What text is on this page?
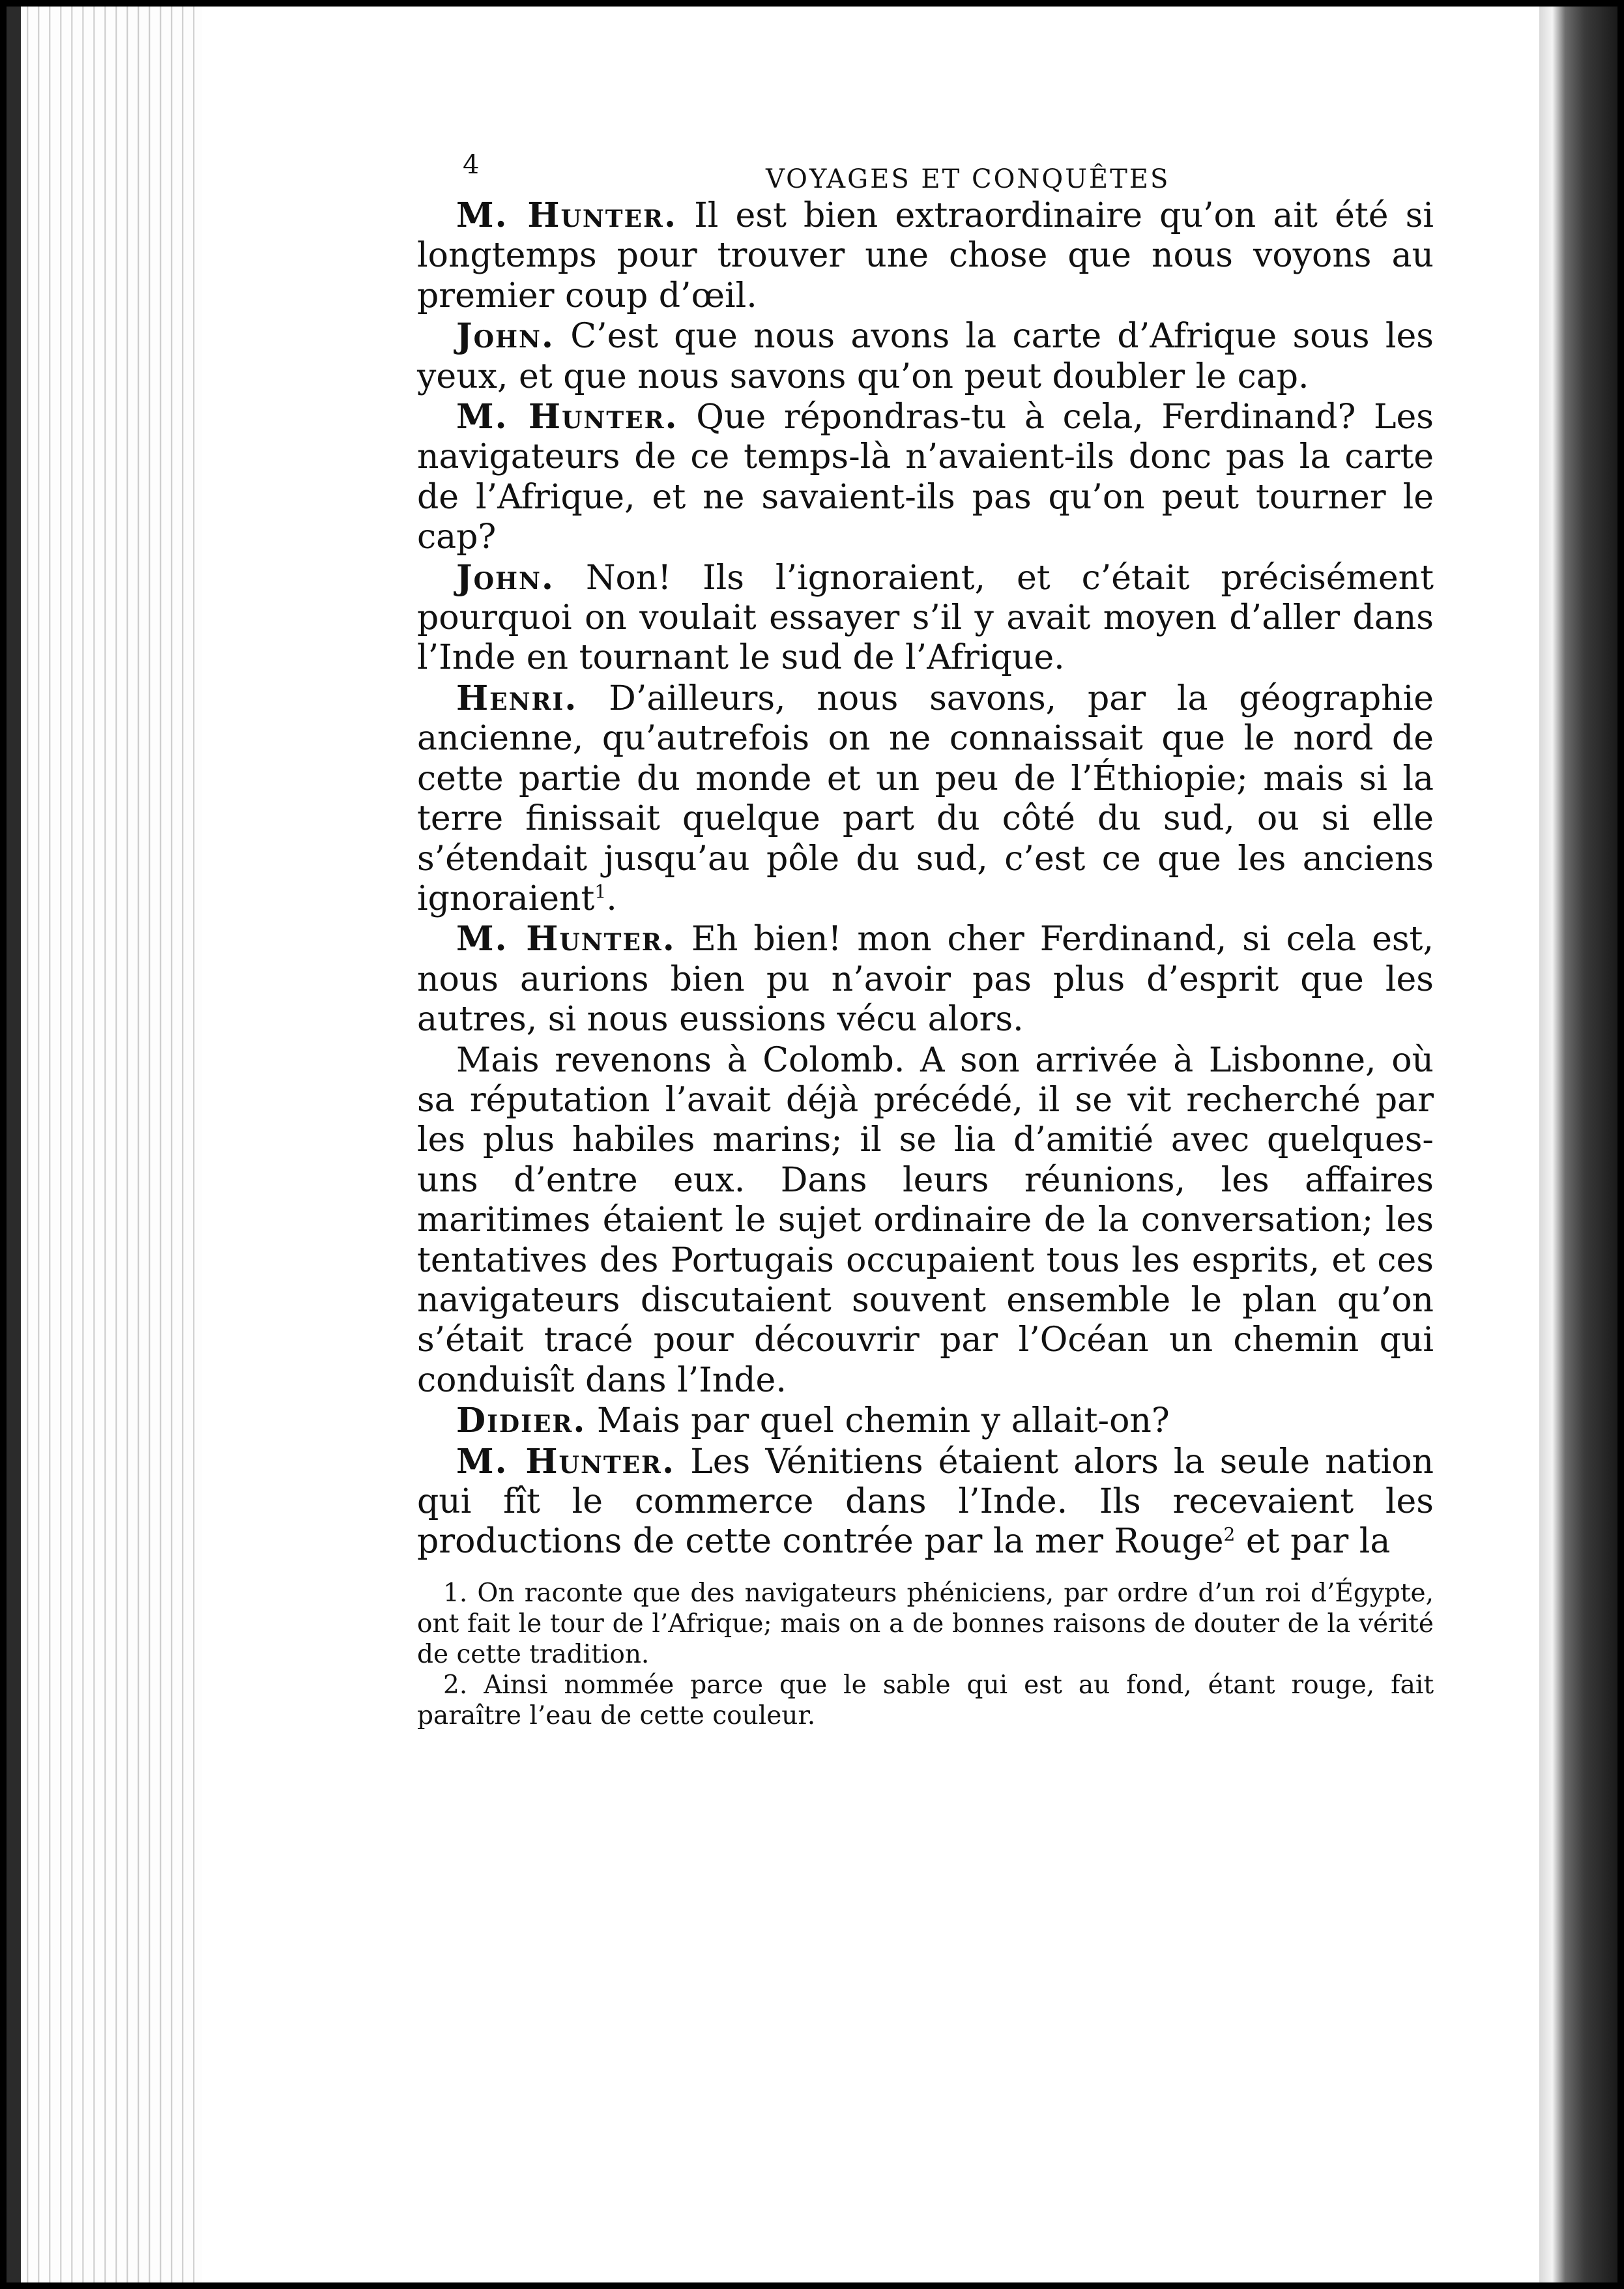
4	VOYAGES ET CONQUÊTES

M. Hunter. Il est bien extraordinaire qu’on ait été si longtemps pour trouver une chose que nous voyons au premier coup d’œil.

John. C’est que nous avons la carte d’Afrique sous les yeux, et que nous savons qu’on peut doubler le cap.

M. Hunter. Que répondras-tu à cela, Ferdinand? Les navigateurs de ce temps-là n’avaient-ils donc pas la carte de l’Afrique, et ne savaient-ils pas qu’on peut tourner le cap?

John. Non! Ils l’ignoraient, et c’était précisément pourquoi on voulait essayer s’il y avait moyen d’aller dans l’Inde en tournant le sud de l’Afrique.

Henri. D’ailleurs, nous savons, par la géographie ancienne, qu’autrefois on ne connaissait que le nord de cette partie du monde et un peu de l’Éthiopie; mais si la terre finissait quelque part du côté du sud, ou si elle s’étendait jusqu’au pôle du sud, c’est ce que les anciens ignoraient$^1$.

M. Hunter. Eh bien! mon cher Ferdinand, si cela est, nous aurions bien pu n’avoir pas plus d’esprit que les autres, si nous eussions vécu alors.

Mais revenons à Colomb. A son arrivée à Lisbonne, où sa réputation l’avait déjà précédé, il se vit recherché par les plus habiles marins; il se lia d’amitié avec quelques-uns d’entre eux. Dans leurs réunions, les affaires maritimes étaient le sujet ordinaire de la conversation; les tentatives des Portugais occupaient tous les esprits, et ces navigateurs discutaient souvent ensemble le plan qu’on s’était tracé pour découvrir par l’Océan un chemin qui conduisît dans l’Inde.

Didier. Mais par quel chemin y allait-on?

M. Hunter. Les Vénitiens étaient alors la seule nation qui fît le commerce dans l’Inde. Ils recevaient les productions de cette contrée par la mer Rouge$^2$ et par la

1. On raconte que des navigateurs phéniciens, par ordre d’un roi d’Égypte, ont fait le tour de l’Afrique; mais on a de bonnes raisons de douter de la vérité de cette tradition.

2. Ainsi nommée parce que le sable qui est au fond, étant rouge, fait paraître l’eau de cette couleur.
